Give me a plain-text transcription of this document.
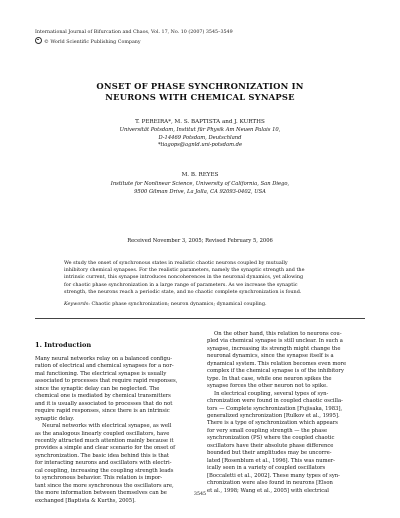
International Journal of Bifurcation and Chaos, Vol. 17, No. 10 (2007) 3545–3549
© World Scientific Publishing Company
ONSET OF PHASE SYNCHRONIZATION IN
NEURONS WITH CHEMICAL SYNAPSE
T. PEREIRA*, M. S. BAPTISTA and J. KURTHS
Universität Potsdam, Institut für Physik Am Neuen Palais 10,
D-14469 Potsdam, Deutschland
*tiagops@agnld.uni-potsdam.de
M. B. REYES
Institute for Nonlinear Science, University of California, San Diego,
9500 Gilman Drive, La Jolla, CA 92093-0402, USA
Received November 3, 2005; Revised February 5, 2006
We study the onset of synchronous states in realistic chaotic neurons coupled by mutually
inhibitory chemical synapses. For the realistic parameters, namely the synaptic strength and the
intrinsic current, this synapse introduces noncoherences in the neuronal dynamics, yet allowing
for chaotic phase synchronization in a large range of parameters. As we increase the synaptic
strength, the neurons reach a periodic state, and no chaotic complete synchronization is found.
Keywords: Chaotic phase synchronization; neuron dynamics; dynamical coupling.
1. Introduction

Many neural networks relay on a balanced configu-

ration of electrical and chemical synapses for a nor-

mal functioning. The electrical synapse is usually

associated to processes that require rapid responses,

since the synaptic delay can be neglected. The

chemical one is mediated by chemical transmitters

and it is usually associated to processes that do not

require rapid responses, since there is an intrinsic

synaptic delay.

Neural networks with electrical synapse, as well

as the analogous linearly coupled oscillators, have

recently attracted much attention mainly because it

provides a simple and clear scenario for the onset of

synchronization. The basic idea behind this is that

for interacting neurons and oscillators with electri-

cal coupling, increasing the coupling strength leads

to synchronous behavior. This relation is impor-

tant since the more synchronous the oscillators are,

the more information between themselves can be

exchanged [Baptista & Kurths, 2005].

On the other hand, this relation to neurons cou-

pled via chemical synapse is still unclear. In such a

synapse, increasing its strength might change the

neuronal dynamics, since the synapse itself is a

dynamical system. This relation becomes even more

complex if the chemical synapse is of the inhibitory

type. In that case, while one neuron spikes the

synapse forces the other neuron not to spike.

In electrical coupling, several types of syn-

chronization were found in coupled chaotic oscilla-

tors — Complete synchronization [Fujisaka, 1983],

generalized synchronization [Rulkov et al., 1995].

There is a type of synchronization which appears

for very small coupling strength — the phase

synchronization (PS) where the coupled chaotic

oscillators have their absolute phase difference

bounded but their amplitudes may be uncorre-

lated [Rosenblum et al., 1996]. This was numer-

ically seen in a variety of coupled oscillators

[Boccaletti et al., 2002]. These many types of syn-

chronization were also found in neurons [Elson

et al., 1998; Wang et al., 2005] with electrical

3545
